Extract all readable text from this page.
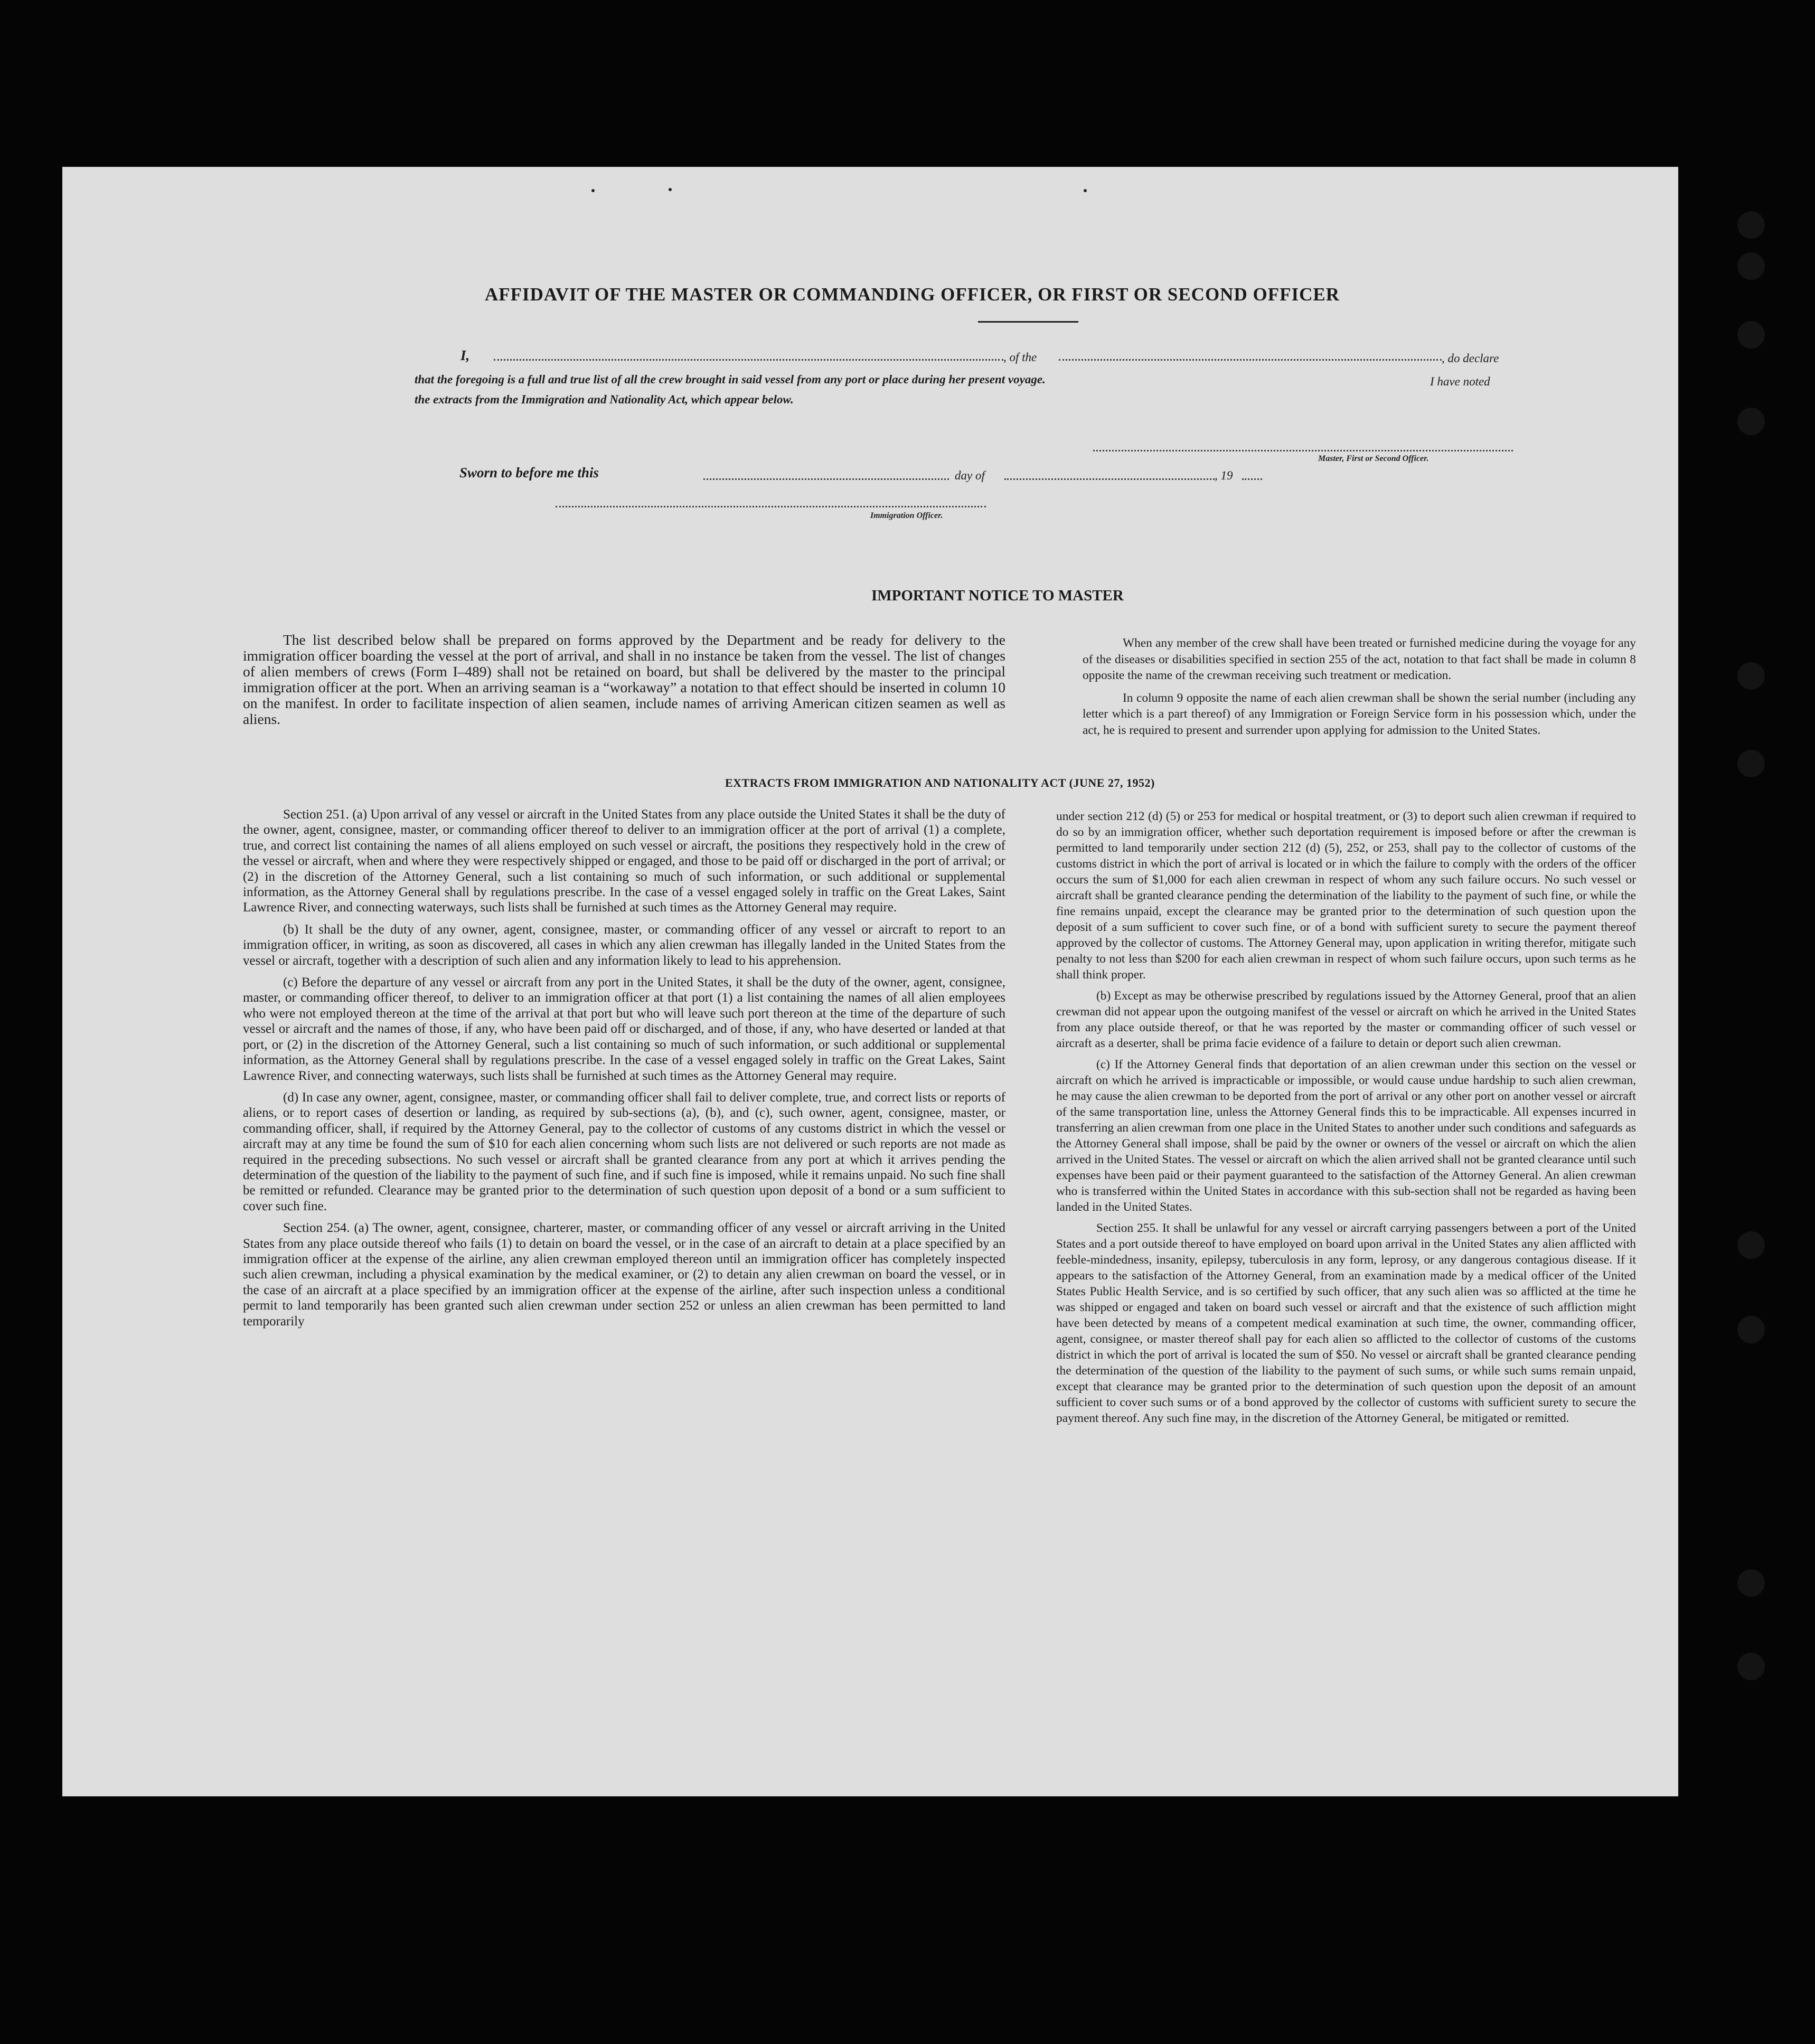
AFFIDAVIT OF THE MASTER OR COMMANDING OFFICER, OR FIRST OR SECOND OFFICER
I,	, of the	, do declare
that the foregoing is a full and true list of all the crew brought in said vessel from any port or place during her present voyage.	I have noted
the extracts from the Immigration and Nationality Act, which appear below.
Master, First or Second Officer.
Sworn to before me this	day of	, 19
Immigration Officer.
IMPORTANT NOTICE TO MASTER

The list described below shall be prepared on forms approved by the Department and be ready for delivery to the immigration officer boarding the vessel at the port of arrival, and shall in no instance be taken from the vessel. The list of changes of alien members of crews (Form I–489) shall not be retained on board, but shall be delivered by the master to the principal immigration officer at the port. When an arriving seaman is a “workaway” a notation to that effect should be inserted in column 10 on the manifest. In order to facilitate inspection of alien seamen, include names of arriving American citizen seamen as well as aliens.

When any member of the crew shall have been treated or furnished medicine during the voyage for any of the diseases or disabilities specified in section 255 of the act, notation to that fact shall be made in column 8 opposite the name of the crewman receiving such treatment or medication.

In column 9 opposite the name of each alien crewman shall be shown the serial number (including any letter which is a part thereof) of any Immigration or Foreign Service form in his possession which, under the act, he is required to present and surrender upon applying for admission to the United States.

EXTRACTS FROM IMMIGRATION AND NATIONALITY ACT (JUNE 27, 1952)

Section 251. (a) Upon arrival of any vessel or aircraft in the United States from any place outside the United States it shall be the duty of the owner, agent, consignee, master, or commanding officer thereof to deliver to an immigration officer at the port of arrival (1) a complete, true, and correct list containing the names of all aliens employed on such vessel or aircraft, the positions they respectively hold in the crew of the vessel or aircraft, when and where they were respectively shipped or engaged, and those to be paid off or discharged in the port of arrival; or (2) in the discretion of the Attorney General, such a list containing so much of such information, or such additional or supplemental information, as the Attorney General shall by regulations prescribe. In the case of a vessel engaged solely in traffic on the Great Lakes, Saint Lawrence River, and connecting waterways, such lists shall be furnished at such times as the Attorney General may require.

(b) It shall be the duty of any owner, agent, consignee, master, or commanding officer of any vessel or aircraft to report to an immigration officer, in writing, as soon as discovered, all cases in which any alien crewman has illegally landed in the United States from the vessel or aircraft, together with a description of such alien and any information likely to lead to his apprehension.

(c) Before the departure of any vessel or aircraft from any port in the United States, it shall be the duty of the owner, agent, consignee, master, or commanding officer thereof, to deliver to an immigration officer at that port (1) a list containing the names of all alien employees who were not employed thereon at the time of the arrival at that port but who will leave such port thereon at the time of the departure of such vessel or aircraft and the names of those, if any, who have been paid off or discharged, and of those, if any, who have deserted or landed at that port, or (2) in the discretion of the Attorney General, such a list containing so much of such information, or such additional or supplemental information, as the Attorney General shall by regulations prescribe. In the case of a vessel engaged solely in traffic on the Great Lakes, Saint Lawrence River, and connecting waterways, such lists shall be furnished at such times as the Attorney General may require.

(d) In case any owner, agent, consignee, master, or commanding officer shall fail to deliver complete, true, and correct lists or reports of aliens, or to report cases of desertion or landing, as required by sub-sections (a), (b), and (c), such owner, agent, consignee, master, or commanding officer, shall, if required by the Attorney General, pay to the collector of customs of any customs district in which the vessel or aircraft may at any time be found the sum of $10 for each alien concerning whom such lists are not delivered or such reports are not made as required in the preceding subsections. No such vessel or aircraft shall be granted clearance from any port at which it arrives pending the determination of the question of the liability to the payment of such fine, and if such fine is imposed, while it remains unpaid. No such fine shall be remitted or refunded. Clearance may be granted prior to the determination of such question upon deposit of a bond or a sum sufficient to cover such fine.

Section 254. (a) The owner, agent, consignee, charterer, master, or commanding officer of any vessel or aircraft arriving in the United States from any place outside thereof who fails (1) to detain on board the vessel, or in the case of an aircraft to detain at a place specified by an immigration officer at the expense of the airline, any alien crewman employed thereon until an immigration officer has completely inspected such alien crewman, including a physical examination by the medical examiner, or (2) to detain any alien crewman on board the vessel, or in the case of an aircraft at a place specified by an immigration officer at the expense of the airline, after such inspection unless a conditional permit to land temporarily has been granted such alien crewman under section 252 or unless an alien crewman has been permitted to land temporarily

under section 212 (d) (5) or 253 for medical or hospital treatment, or (3) to deport such alien crewman if required to do so by an immigration officer, whether such deportation requirement is imposed before or after the crewman is permitted to land temporarily under section 212 (d) (5), 252, or 253, shall pay to the collector of customs of the customs district in which the port of arrival is located or in which the failure to comply with the orders of the officer occurs the sum of $1,000 for each alien crewman in respect of whom any such failure occurs. No such vessel or aircraft shall be granted clearance pending the determination of the liability to the payment of such fine, or while the fine remains unpaid, except the clearance may be granted prior to the determination of such question upon the deposit of a sum sufficient to cover such fine, or of a bond with sufficient surety to secure the payment thereof approved by the collector of customs. The Attorney General may, upon application in writing therefor, mitigate such penalty to not less than $200 for each alien crewman in respect of whom such failure occurs, upon such terms as he shall think proper.

(b) Except as may be otherwise prescribed by regulations issued by the Attorney General, proof that an alien crewman did not appear upon the outgoing manifest of the vessel or aircraft on which he arrived in the United States from any place outside thereof, or that he was reported by the master or commanding officer of such vessel or aircraft as a deserter, shall be prima facie evidence of a failure to detain or deport such alien crewman.

(c) If the Attorney General finds that deportation of an alien crewman under this section on the vessel or aircraft on which he arrived is impracticable or impossible, or would cause undue hardship to such alien crewman, he may cause the alien crewman to be deported from the port of arrival or any other port on another vessel or aircraft of the same transportation line, unless the Attorney General finds this to be impracticable. All expenses incurred in transferring an alien crewman from one place in the United States to another under such conditions and safeguards as the Attorney General shall impose, shall be paid by the owner or owners of the vessel or aircraft on which the alien arrived in the United States. The vessel or aircraft on which the alien arrived shall not be granted clearance until such expenses have been paid or their payment guaranteed to the satisfaction of the Attorney General. An alien crewman who is transferred within the United States in accordance with this sub-section shall not be regarded as having been landed in the United States.

Section 255. It shall be unlawful for any vessel or aircraft carrying passengers between a port of the United States and a port outside thereof to have employed on board upon arrival in the United States any alien afflicted with feeble-mindedness, insanity, epilepsy, tuberculosis in any form, leprosy, or any dangerous contagious disease. If it appears to the satisfaction of the Attorney General, from an examination made by a medical officer of the United States Public Health Service, and is so certified by such officer, that any such alien was so afflicted at the time he was shipped or engaged and taken on board such vessel or aircraft and that the existence of such affliction might have been detected by means of a competent medical examination at such time, the owner, commanding officer, agent, consignee, or master thereof shall pay for each alien so afflicted to the collector of customs of the customs district in which the port of arrival is located the sum of $50. No vessel or aircraft shall be granted clearance pending the determination of the question of the liability to the payment of such sums, or while such sums remain unpaid, except that clearance may be granted prior to the determination of such question upon the deposit of an amount sufficient to cover such sums or of a bond approved by the collector of customs with sufficient surety to secure the payment thereof. Any such fine may, in the discretion of the Attorney General, be mitigated or remitted.
